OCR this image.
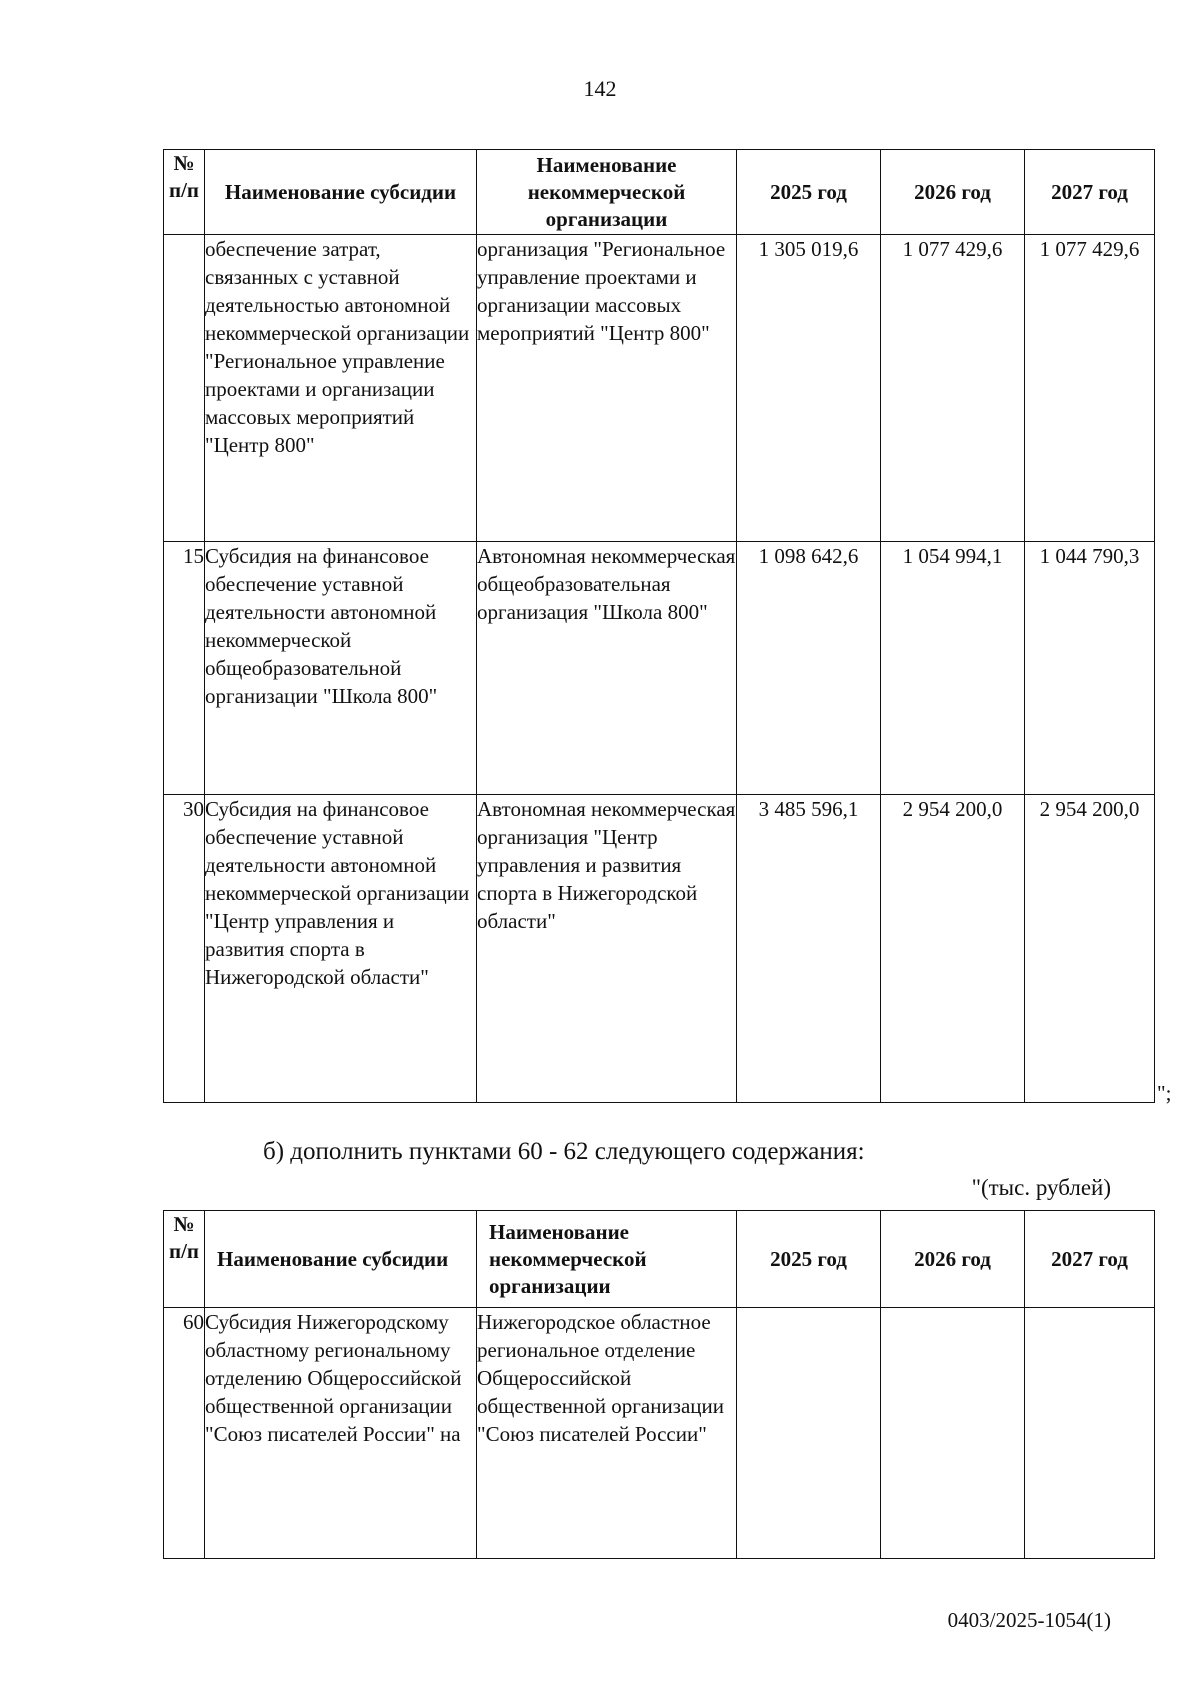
142
№ п/п	Наименование субсидии	Наименование некоммерческой организации	2025 год	2026 год	2027 год
	обеспечение затрат, связанных с уставной деятельностью автономной некоммерческой организации "Региональное управление проектами и организации массовых мероприятий "Центр 800"	организация "Региональное управление проектами и организации массовых мероприятий "Центр 800"	1 305 019,6	1 077 429,6	1 077 429,6
15	Субсидия на финансовое обеспечение уставной деятельности автономной некоммерческой общеобразовательной организации "Школа 800"	Автономная некоммерческая общеобразовательная организация "Школа 800"	1 098 642,6	1 054 994,1	1 044 790,3
30	Субсидия на финансовое обеспечение уставной деятельности автономной некоммерческой организации "Центр управления и развития спорта в Нижегородской области"	Автономная некоммерческая организация "Центр управления и развития спорта в Нижегородской области"	3 485 596,1	2 954 200,0	2 954 200,0
";
б) дополнить пунктами 60 - 62 следующего содержания:
"(тыс. рублей)
№ п/п	Наименование субсидии	Наименование некоммерческой организации	2025 год	2026 год	2027 год
60	Субсидия Нижегородскому областному региональному отделению Общероссийской общественной организации "Союз писателей России" на	Нижегородское областное региональное отделение Общероссийской общественной организации "Союз писателей России"			
0403/2025-1054(1)
